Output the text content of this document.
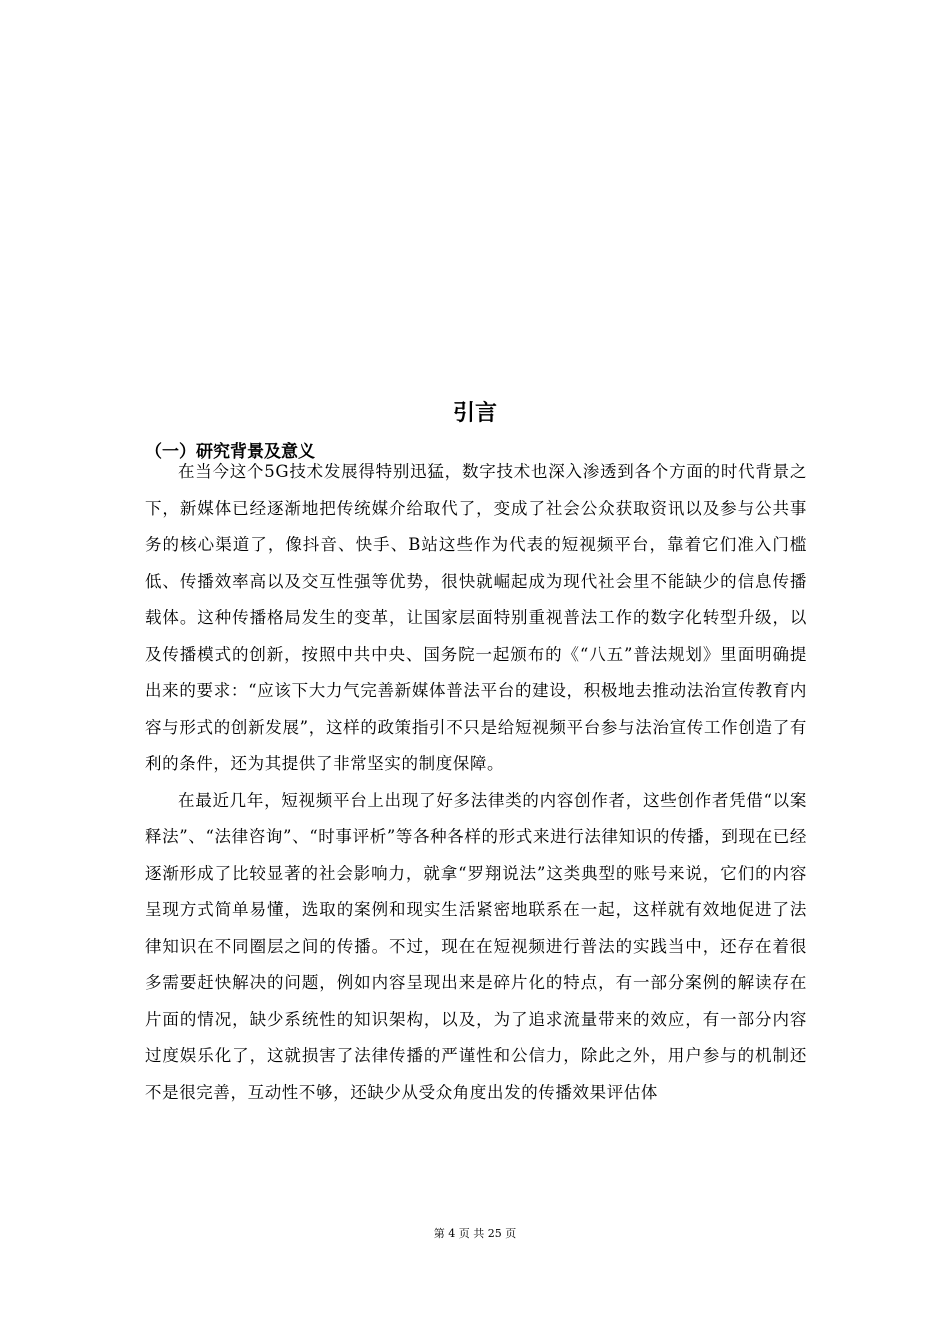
引言
（一）研究背景及意义

在当今这个5G技术发展得特别迅猛，数字技术也深入渗透到各个方面的时代背景之下，新媒体已经逐渐地把传统媒介给取代了，变成了社会公众获取资讯以及参与公共事务的核心渠道了，像抖音、快手、B站这些作为代表的短视频平台，靠着它们准入门槛低、传播效率高以及交互性强等优势，很快就崛起成为现代社会里不能缺少的信息传播载体。这种传播格局发生的变革，让国家层面特别重视普法工作的数字化转型升级，以及传播模式的创新，按照中共中央、国务院一起颁布的《“八五”普法规划》里面明确提出来的要求：“应该下大力气完善新媒体普法平台的建设，积极地去推动法治宣传教育内容与形式的创新发展”，这样的政策指引不只是给短视频平台参与法治宣传工作创造了有利的条件，还为其提供了非常坚实的制度保障。

在最近几年，短视频平台上出现了好多法律类的内容创作者，这些创作者凭借“以案释法”、“法律咨询”、“时事评析”等各种各样的形式来进行法律知识的传播，到现在已经逐渐形成了比较显著的社会影响力，就拿“罗翔说法”这类典型的账号来说，它们的内容呈现方式简单易懂，选取的案例和现实生活紧密地联系在一起，这样就有效地促进了法律知识在不同圈层之间的传播。不过，现在在短视频进行普法的实践当中，还存在着很多需要赶快解决的问题，例如内容呈现出来是碎片化的特点，有一部分案例的解读存在片面的情况，缺少系统性的知识架构，以及，为了追求流量带来的效应，有一部分内容过度娱乐化了，这就损害了法律传播的严谨性和公信力，除此之外，用户参与的机制还不是很完善，互动性不够，还缺少从受众角度出发的传播效果评估体

第 4 页 共 25 页
